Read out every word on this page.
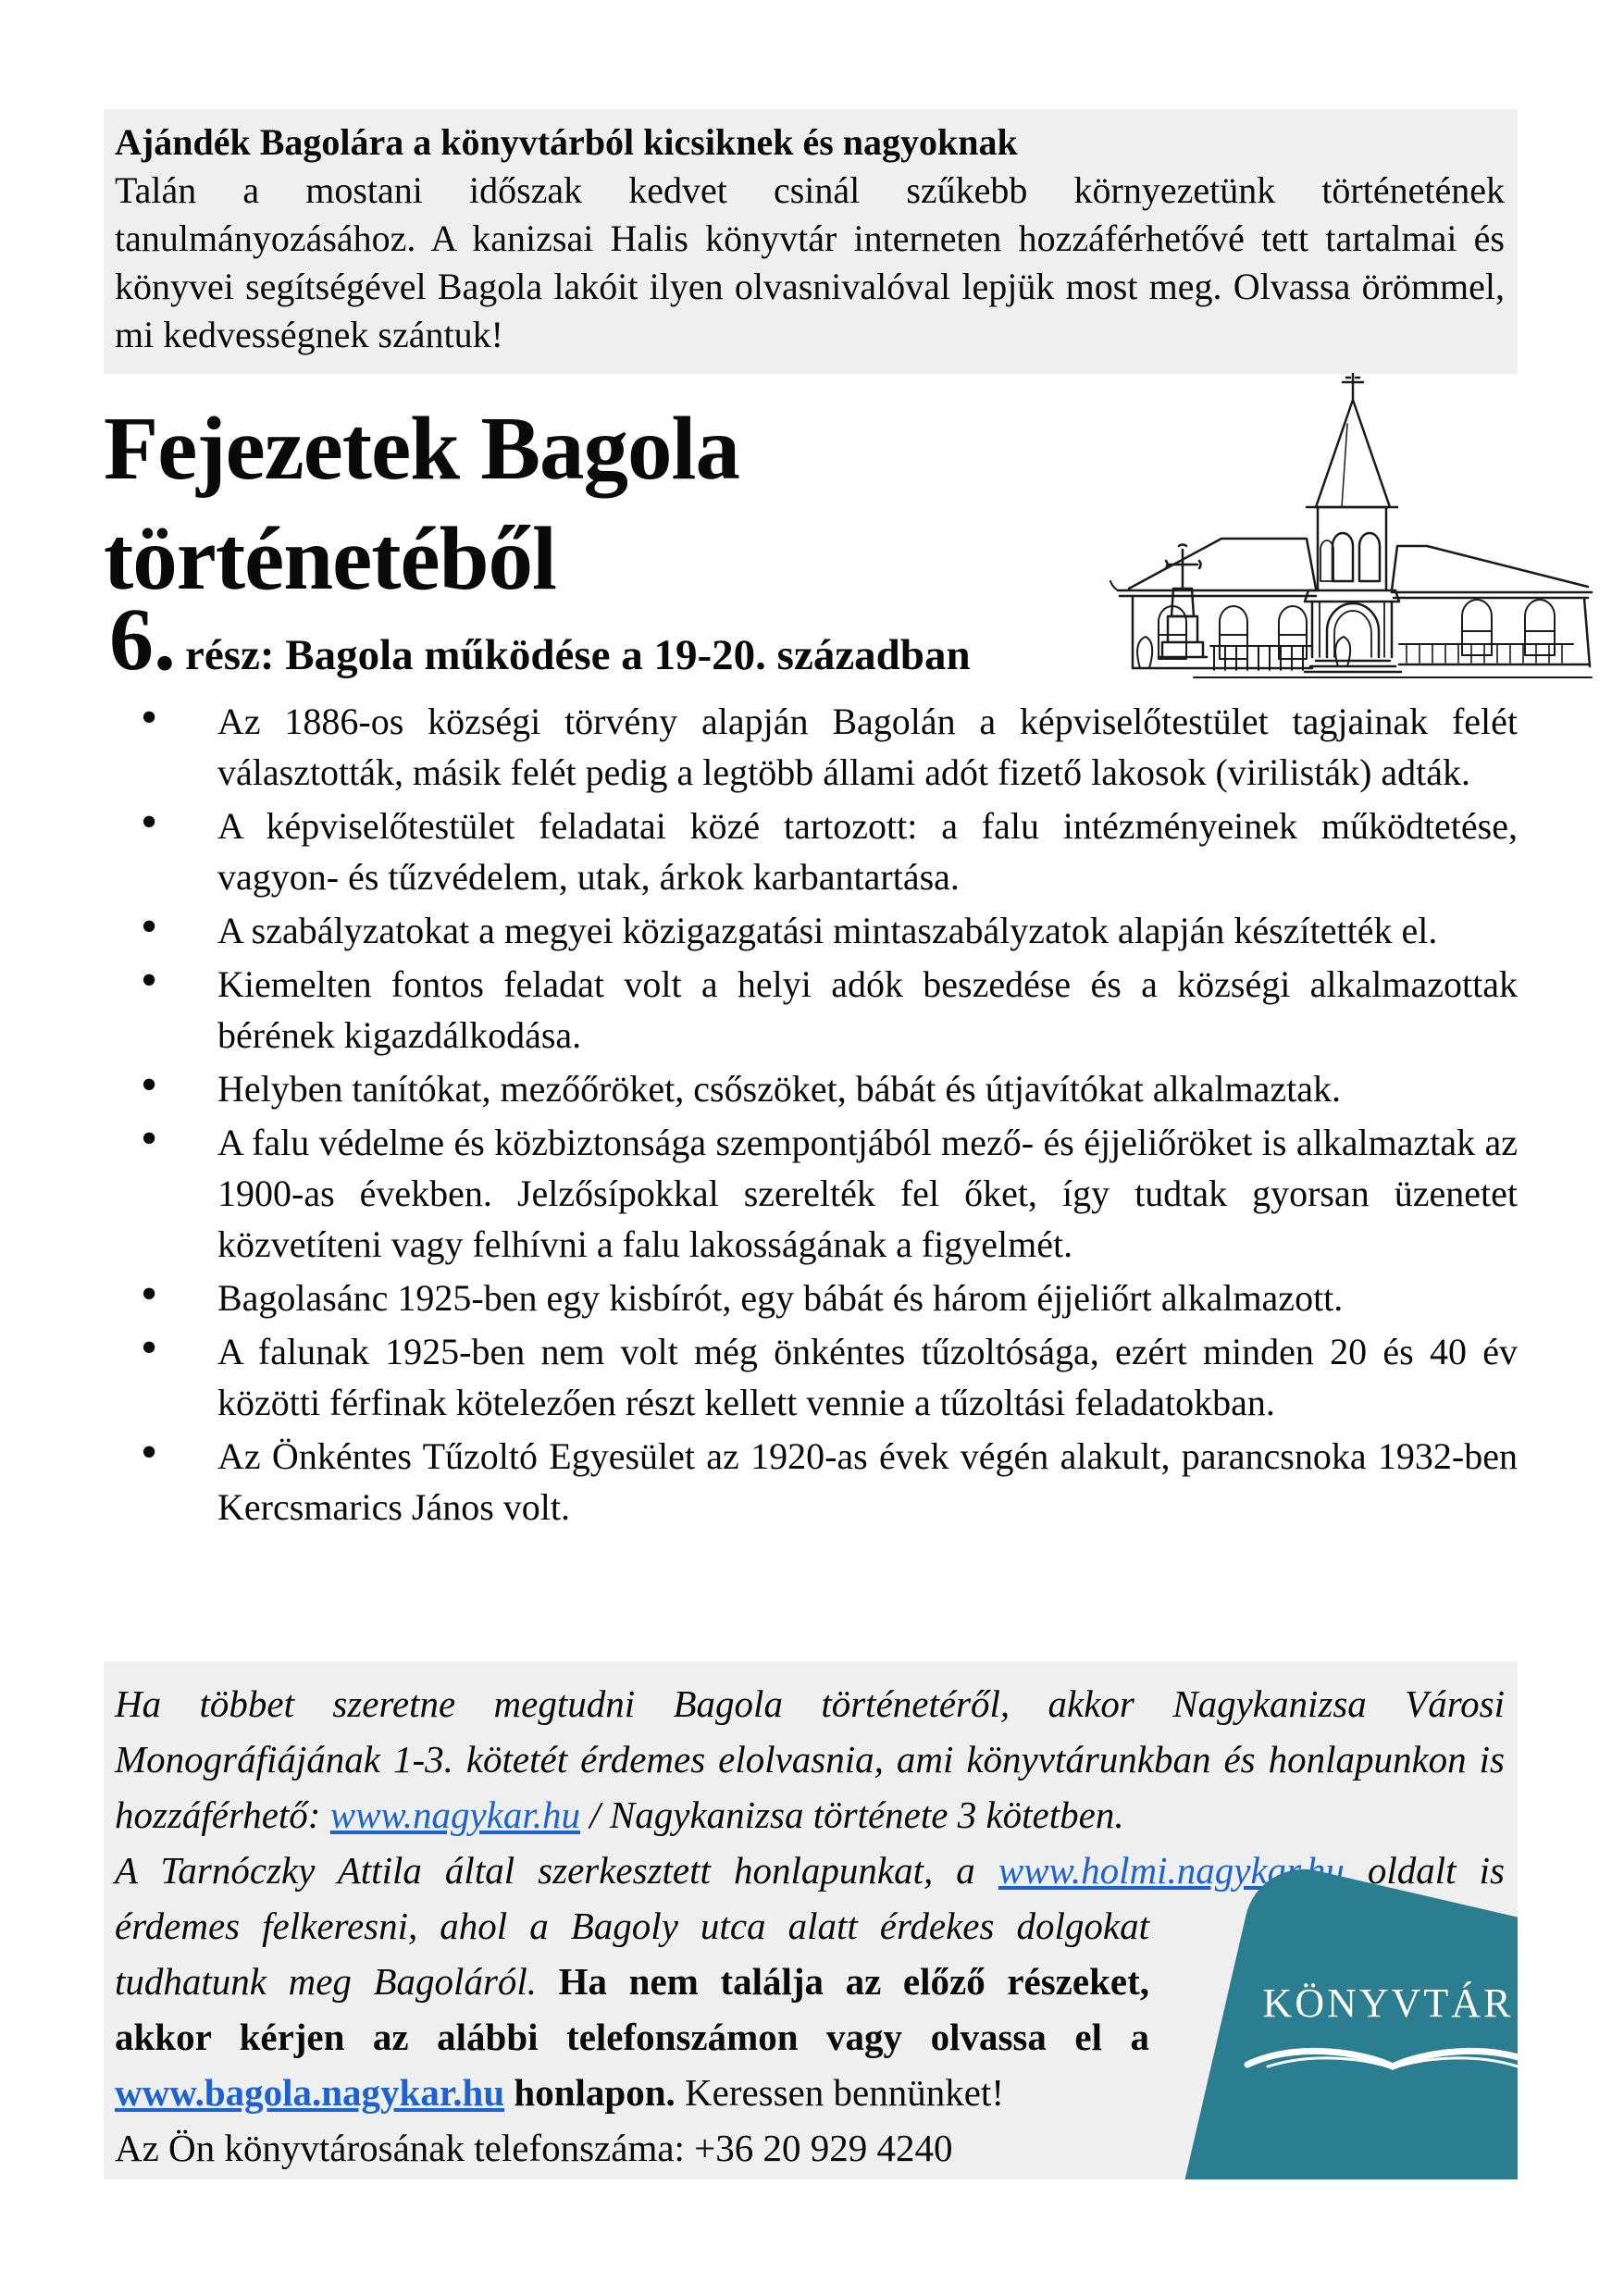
Ajándék Bagolára a könyvtárból kicsiknek és nagyoknak

Talán a mostani időszak kedvet csinál szűkebb környezetünk történetének tanulmányozásához. A kanizsai Halis könyvtár interneten hozzáférhetővé tett tartalmai és könyvei segítségével Bagola lakóit ilyen olvasnivalóval lepjük most meg. Olvassa örömmel, mi kedvességnek szántuk!

Fejezetek Bagola
történetéből
6. rész: Bagola működése a 19-20. században
• Az 1886-os községi törvény alapján Bagolán a képviselőtestület tagjainak felét választották, másik felét pedig a legtöbb állami adót fizető lakosok (virilisták) adták.
• A képviselőtestület feladatai közé tartozott: a falu intézményeinek működtetése, vagyon- és tűzvédelem, utak, árkok karbantartása.
• A szabályzatokat a megyei közigazgatási mintaszabályzatok alapján készítették el.
• Kiemelten fontos feladat volt a helyi adók beszedése és a községi alkalmazottak bérének kigazdálkodása.
• Helyben tanítókat, mezőőröket, csőszöket, bábát és útjavítókat alkalmaztak.
• A falu védelme és közbiztonsága szempontjából mező- és éjjeliőröket is alkalmaztak az 1900-as években. Jelzősípokkal szerelték fel őket, így tudtak gyorsan üzenetet közvetíteni vagy felhívni a falu lakosságának a figyelmét.
• Bagolasánc 1925-ben egy kisbírót, egy bábát és három éjjeliőrt alkalmazott.
• A falunak 1925-ben nem volt még önkéntes tűzoltósága, ezért minden 20 és 40 év közötti férfinak kötelezően részt kellett vennie a tűzoltási feladatokban.
• Az Önkéntes Tűzoltó Egyesület az 1920-as évek végén alakult, parancsnoka 1932-ben Kercsmarics János volt.

Ha többet szeretne megtudni Bagola történetéről, akkor Nagykanizsa Városi Monográfiájának 1-3. kötetét érdemes elolvasnia, ami könyvtárunkban és honlapunkon is hozzáférhető: www.nagykar.hu / Nagykanizsa története 3 kötetben.

A Tarnóczky Attila által szerkesztett honlapunkat, a www.holmi.nagykar.hu oldalt
is érdemes felkeresni, ahol a Bagoly utca alatt érdekes dolgokat tudhatunk meg Bagoláról. Ha nem találja az előző részeket, akkor kérjen az alábbi telefonszámon vagy olvassa el a www.bagola.nagykar.hu honlapon. Keressen bennünket!
Az Ön könyvtárosának telefonszáma: +36 20 929 4240

KÖNYVTÁR
